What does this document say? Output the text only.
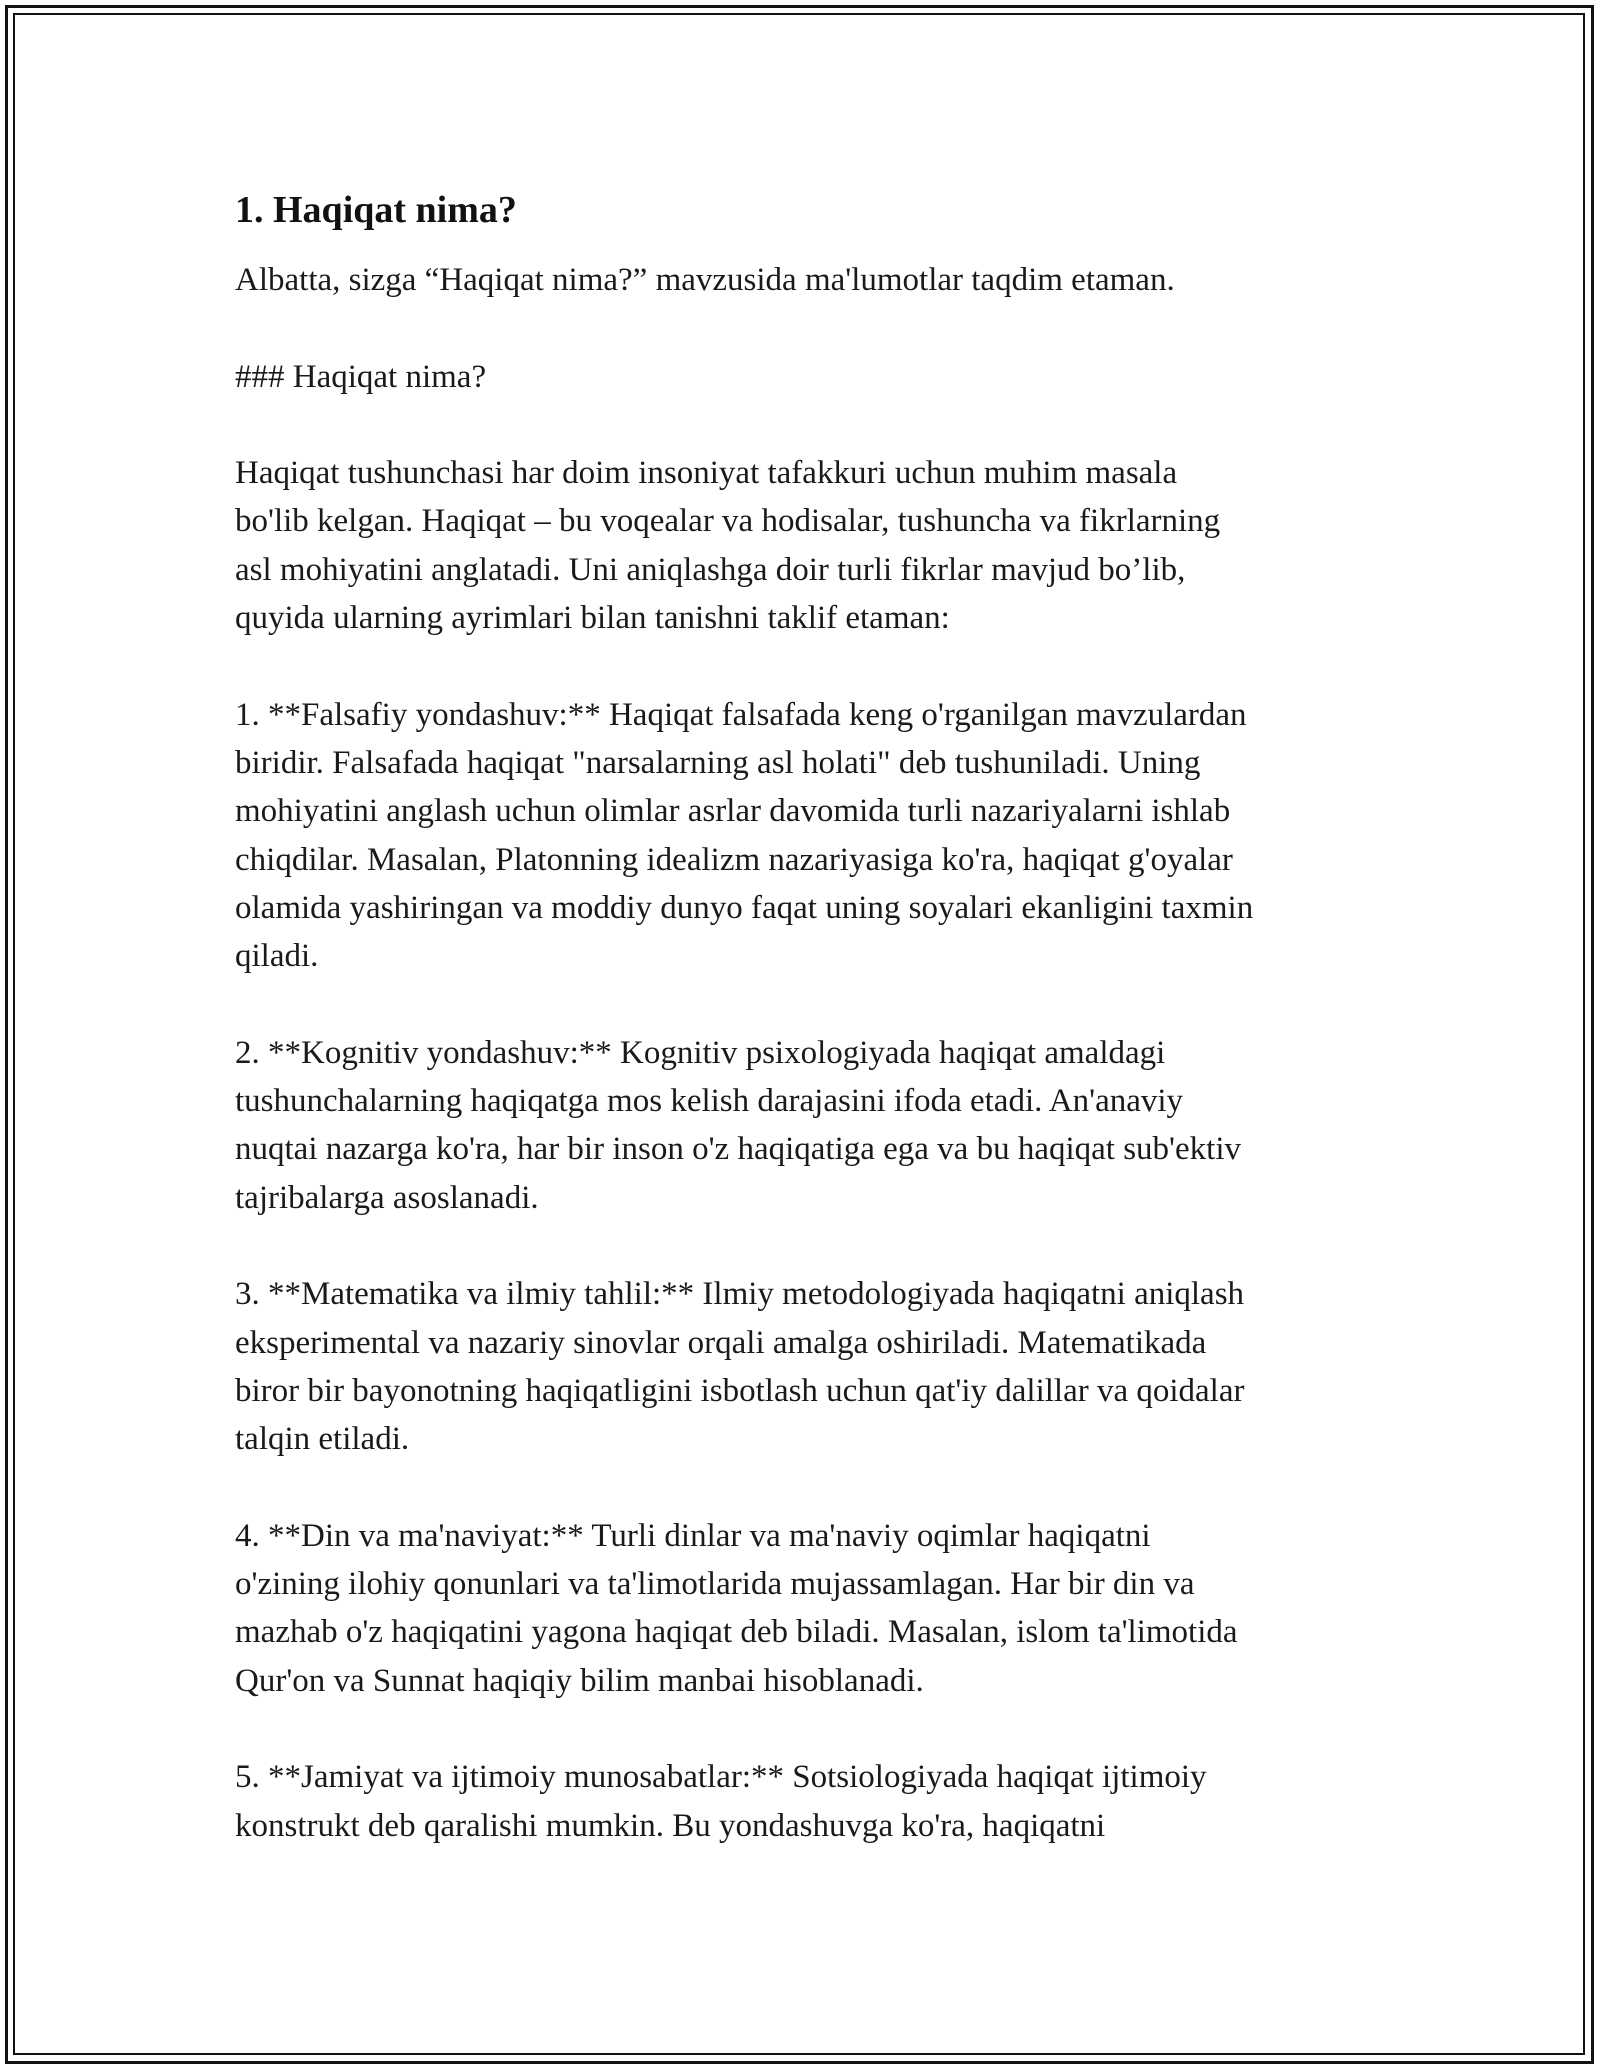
1. Haqiqat nima?

Albatta, sizga “Haqiqat nima?” mavzusida ma'lumotlar taqdim etaman.

### Haqiqat nima?

Haqiqat tushunchasi har doim insoniyat tafakkuri uchun muhim masala
bo'lib kelgan. Haqiqat – bu voqealar va hodisalar, tushuncha va fikrlarning
asl mohiyatini anglatadi. Uni aniqlashga doir turli fikrlar mavjud bo’lib,
quyida ularning ayrimlari bilan tanishni taklif etaman:

1. **Falsafiy yondashuv:** Haqiqat falsafada keng o'rganilgan mavzulardan
biridir. Falsafada haqiqat "narsalarning asl holati" deb tushuniladi. Uning
mohiyatini anglash uchun olimlar asrlar davomida turli nazariyalarni ishlab
chiqdilar. Masalan, Platonning idealizm nazariyasiga ko'ra, haqiqat g'oyalar
olamida yashiringan va moddiy dunyo faqat uning soyalari ekanligini taxmin
qiladi.

2. **Kognitiv yondashuv:** Kognitiv psixologiyada haqiqat amaldagi
tushunchalarning haqiqatga mos kelish darajasini ifoda etadi. An'anaviy
nuqtai nazarga ko'ra, har bir inson o'z haqiqatiga ega va bu haqiqat sub'ektiv
tajribalarga asoslanadi.

3. **Matematika va ilmiy tahlil:** Ilmiy metodologiyada haqiqatni aniqlash
eksperimental va nazariy sinovlar orqali amalga oshiriladi. Matematikada
biror bir bayonotning haqiqatligini isbotlash uchun qat'iy dalillar va qoidalar
talqin etiladi.

4. **Din va ma'naviyat:** Turli dinlar va ma'naviy oqimlar haqiqatni
o'zining ilohiy qonunlari va ta'limotlarida mujassamlagan. Har bir din va
mazhab o'z haqiqatini yagona haqiqat deb biladi. Masalan, islom ta'limotida
Qur'on va Sunnat haqiqiy bilim manbai hisoblanadi.

5. **Jamiyat va ijtimoiy munosabatlar:** Sotsiologiyada haqiqat ijtimoiy
konstrukt deb qaralishi mumkin. Bu yondashuvga ko'ra, haqiqatni
